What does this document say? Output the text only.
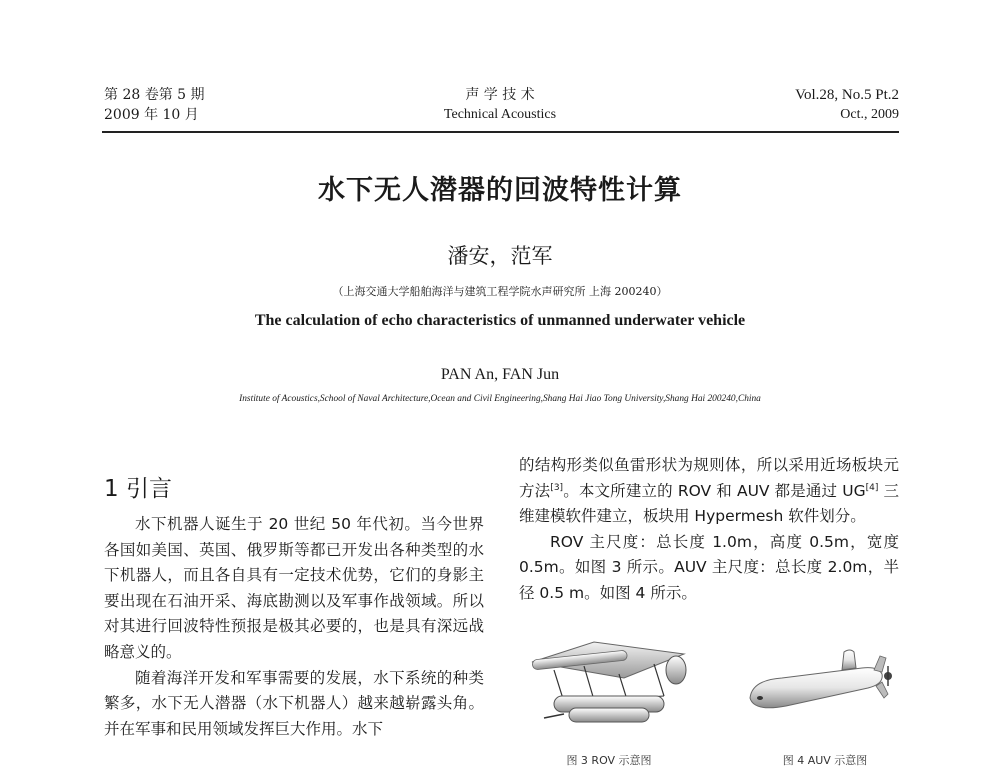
第 28 卷第 5 期
2009 年 10 月
声 学 技 术
Technical Acoustics
Vol.28, No.5 Pt.2
Oct., 2009
水下无人潜器的回波特性计算
潘安，范军
（上海交通大学船舶海洋与建筑工程学院水声研究所 上海 200240）
The calculation of echo characteristics of unmanned underwater vehicle
PAN An, FAN Jun
Institute of Acoustics,School of Naval Architecture,Ocean and Civil Engineering,Shang Hai Jiao Tong University,Shang Hai 200240,China
1 引言

水下机器人诞生于 20 世纪 50 年代初。当今世界各国如美国、英国、俄罗斯等都已开发出各种类型的水下机器人，而且各自具有一定技术优势，它们的身影主要出现在石油开采、海底勘测以及军事作战领域。所以对其进行回波特性预报是极其必要的，也是具有深远战略意义的。

随着海洋开发和军事需要的发展，水下系统的种类繁多，水下无人潜器（水下机器人）越来越崭露头角。并在军事和民用领域发挥巨大作用。水下

的结构形类似鱼雷形状为规则体，所以采用近场板块元方法[3]。本文所建立的 ROV 和 AUV 都是通过 UG[4] 三维建模软件建立，板块用 Hypermesh 软件划分。

ROV 主尺度：总长度 1.0m，高度 0.5m，宽度 0.5m。如图 3 所示。AUV 主尺度：总长度 2.0m，半径 0.5 m。如图 4 所示。

图 3 ROV 示意图	图 4 AUV 示意图
